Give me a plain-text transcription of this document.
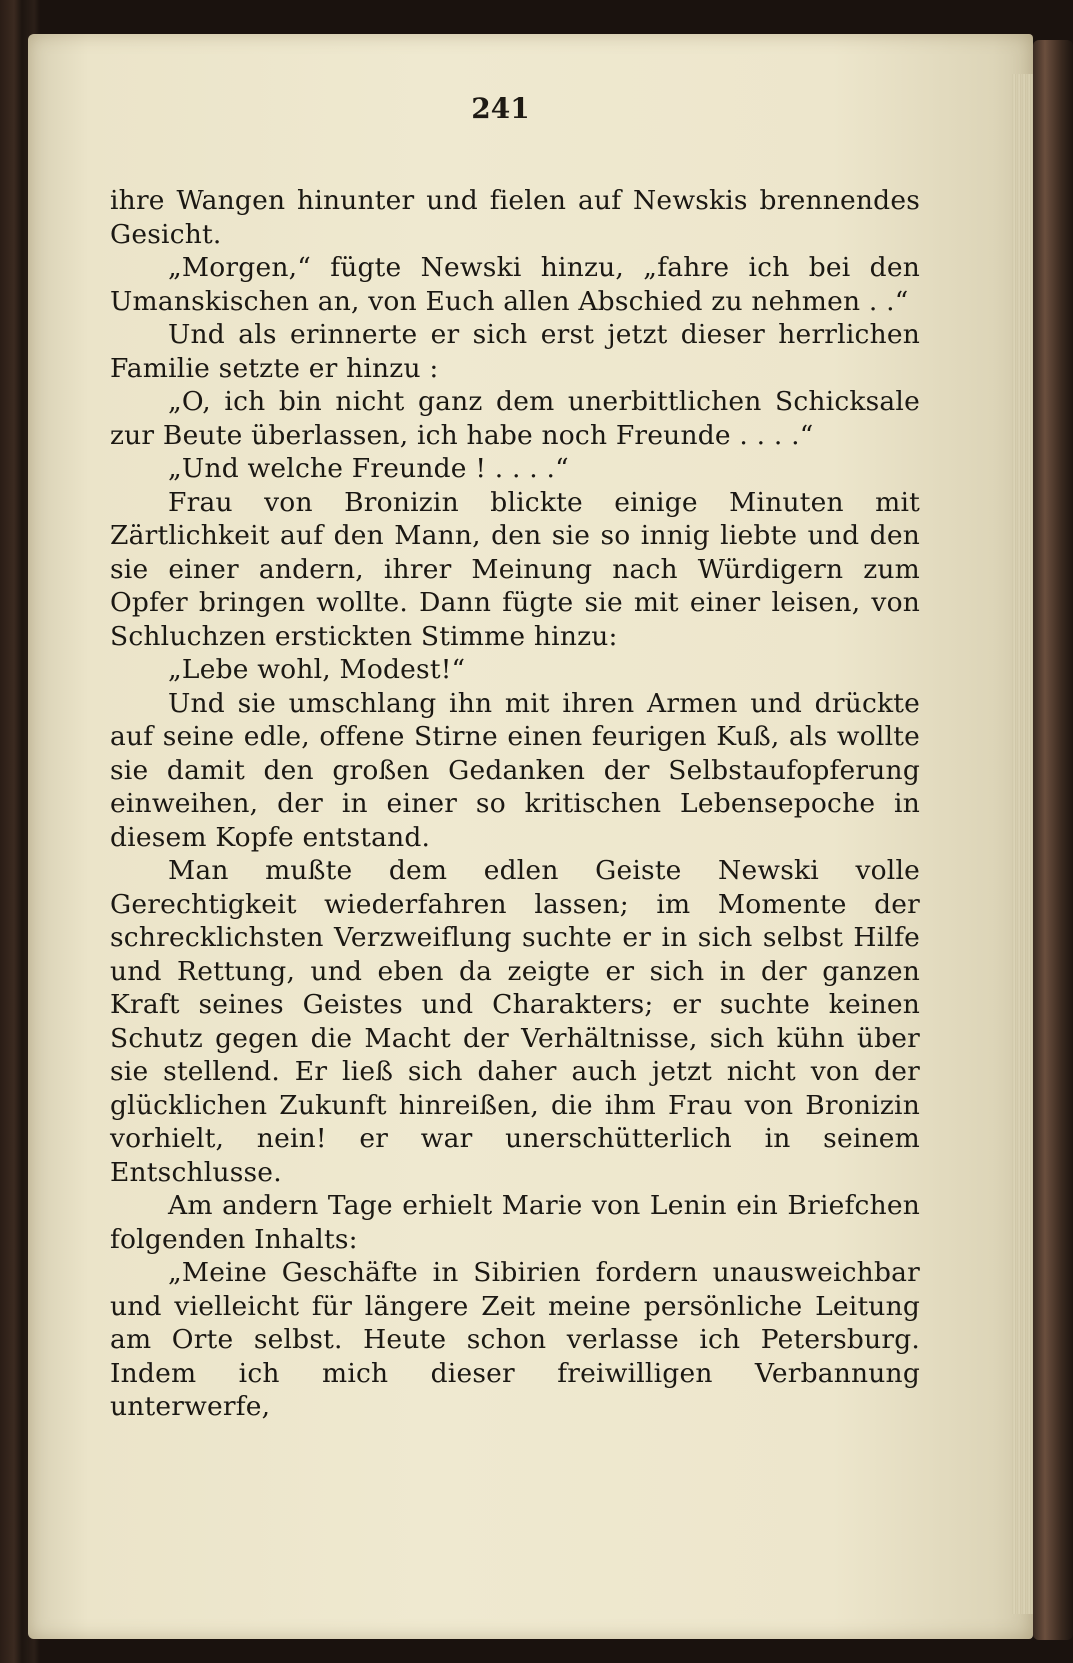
241

ihre Wangen hinunter und fielen auf Newskis brennendes Gesicht.

„Morgen,“ fügte Newski hinzu, „fahre ich bei den Umanskischen an, von Euch allen Abschied zu nehmen . .“

Und als erinnerte er sich erst jetzt dieser herrlichen Familie setzte er hinzu :

„O, ich bin nicht ganz dem unerbittlichen Schicksale zur Beute überlassen, ich habe noch Freunde . . . .“

„Und welche Freunde ! . . . .“

Frau von Bronizin blickte einige Minuten mit Zärtlichkeit auf den Mann, den sie so innig liebte und den sie einer andern, ihrer Meinung nach Würdigern zum Opfer bringen wollte. Dann fügte sie mit einer leisen, von Schluchzen erstickten Stimme hinzu:

„Lebe wohl, Modest!“

Und sie umschlang ihn mit ihren Armen und drückte auf seine edle, offene Stirne einen feurigen Kuß, als wollte sie damit den großen Gedanken der Selbstaufopferung einweihen, der in einer so kritischen Lebensepoche in diesem Kopfe entstand.

Man mußte dem edlen Geiste Newski volle Gerechtigkeit wiederfahren lassen; im Momente der schrecklichsten Verzweiflung suchte er in sich selbst Hilfe und Rettung, und eben da zeigte er sich in der ganzen Kraft seines Geistes und Charakters; er suchte keinen Schutz gegen die Macht der Verhältnisse, sich kühn über sie stellend. Er ließ sich daher auch jetzt nicht von der glücklichen Zukunft hinreißen, die ihm Frau von Bronizin vorhielt, nein! er war unerschütterlich in seinem Entschlusse.

Am andern Tage erhielt Marie von Lenin ein Briefchen folgenden Inhalts:

„Meine Geschäfte in Sibirien fordern unausweichbar und vielleicht für längere Zeit meine persönliche Leitung am Orte selbst. Heute schon verlasse ich Petersburg. Indem ich mich dieser freiwilligen Verbannung unterwerfe,
